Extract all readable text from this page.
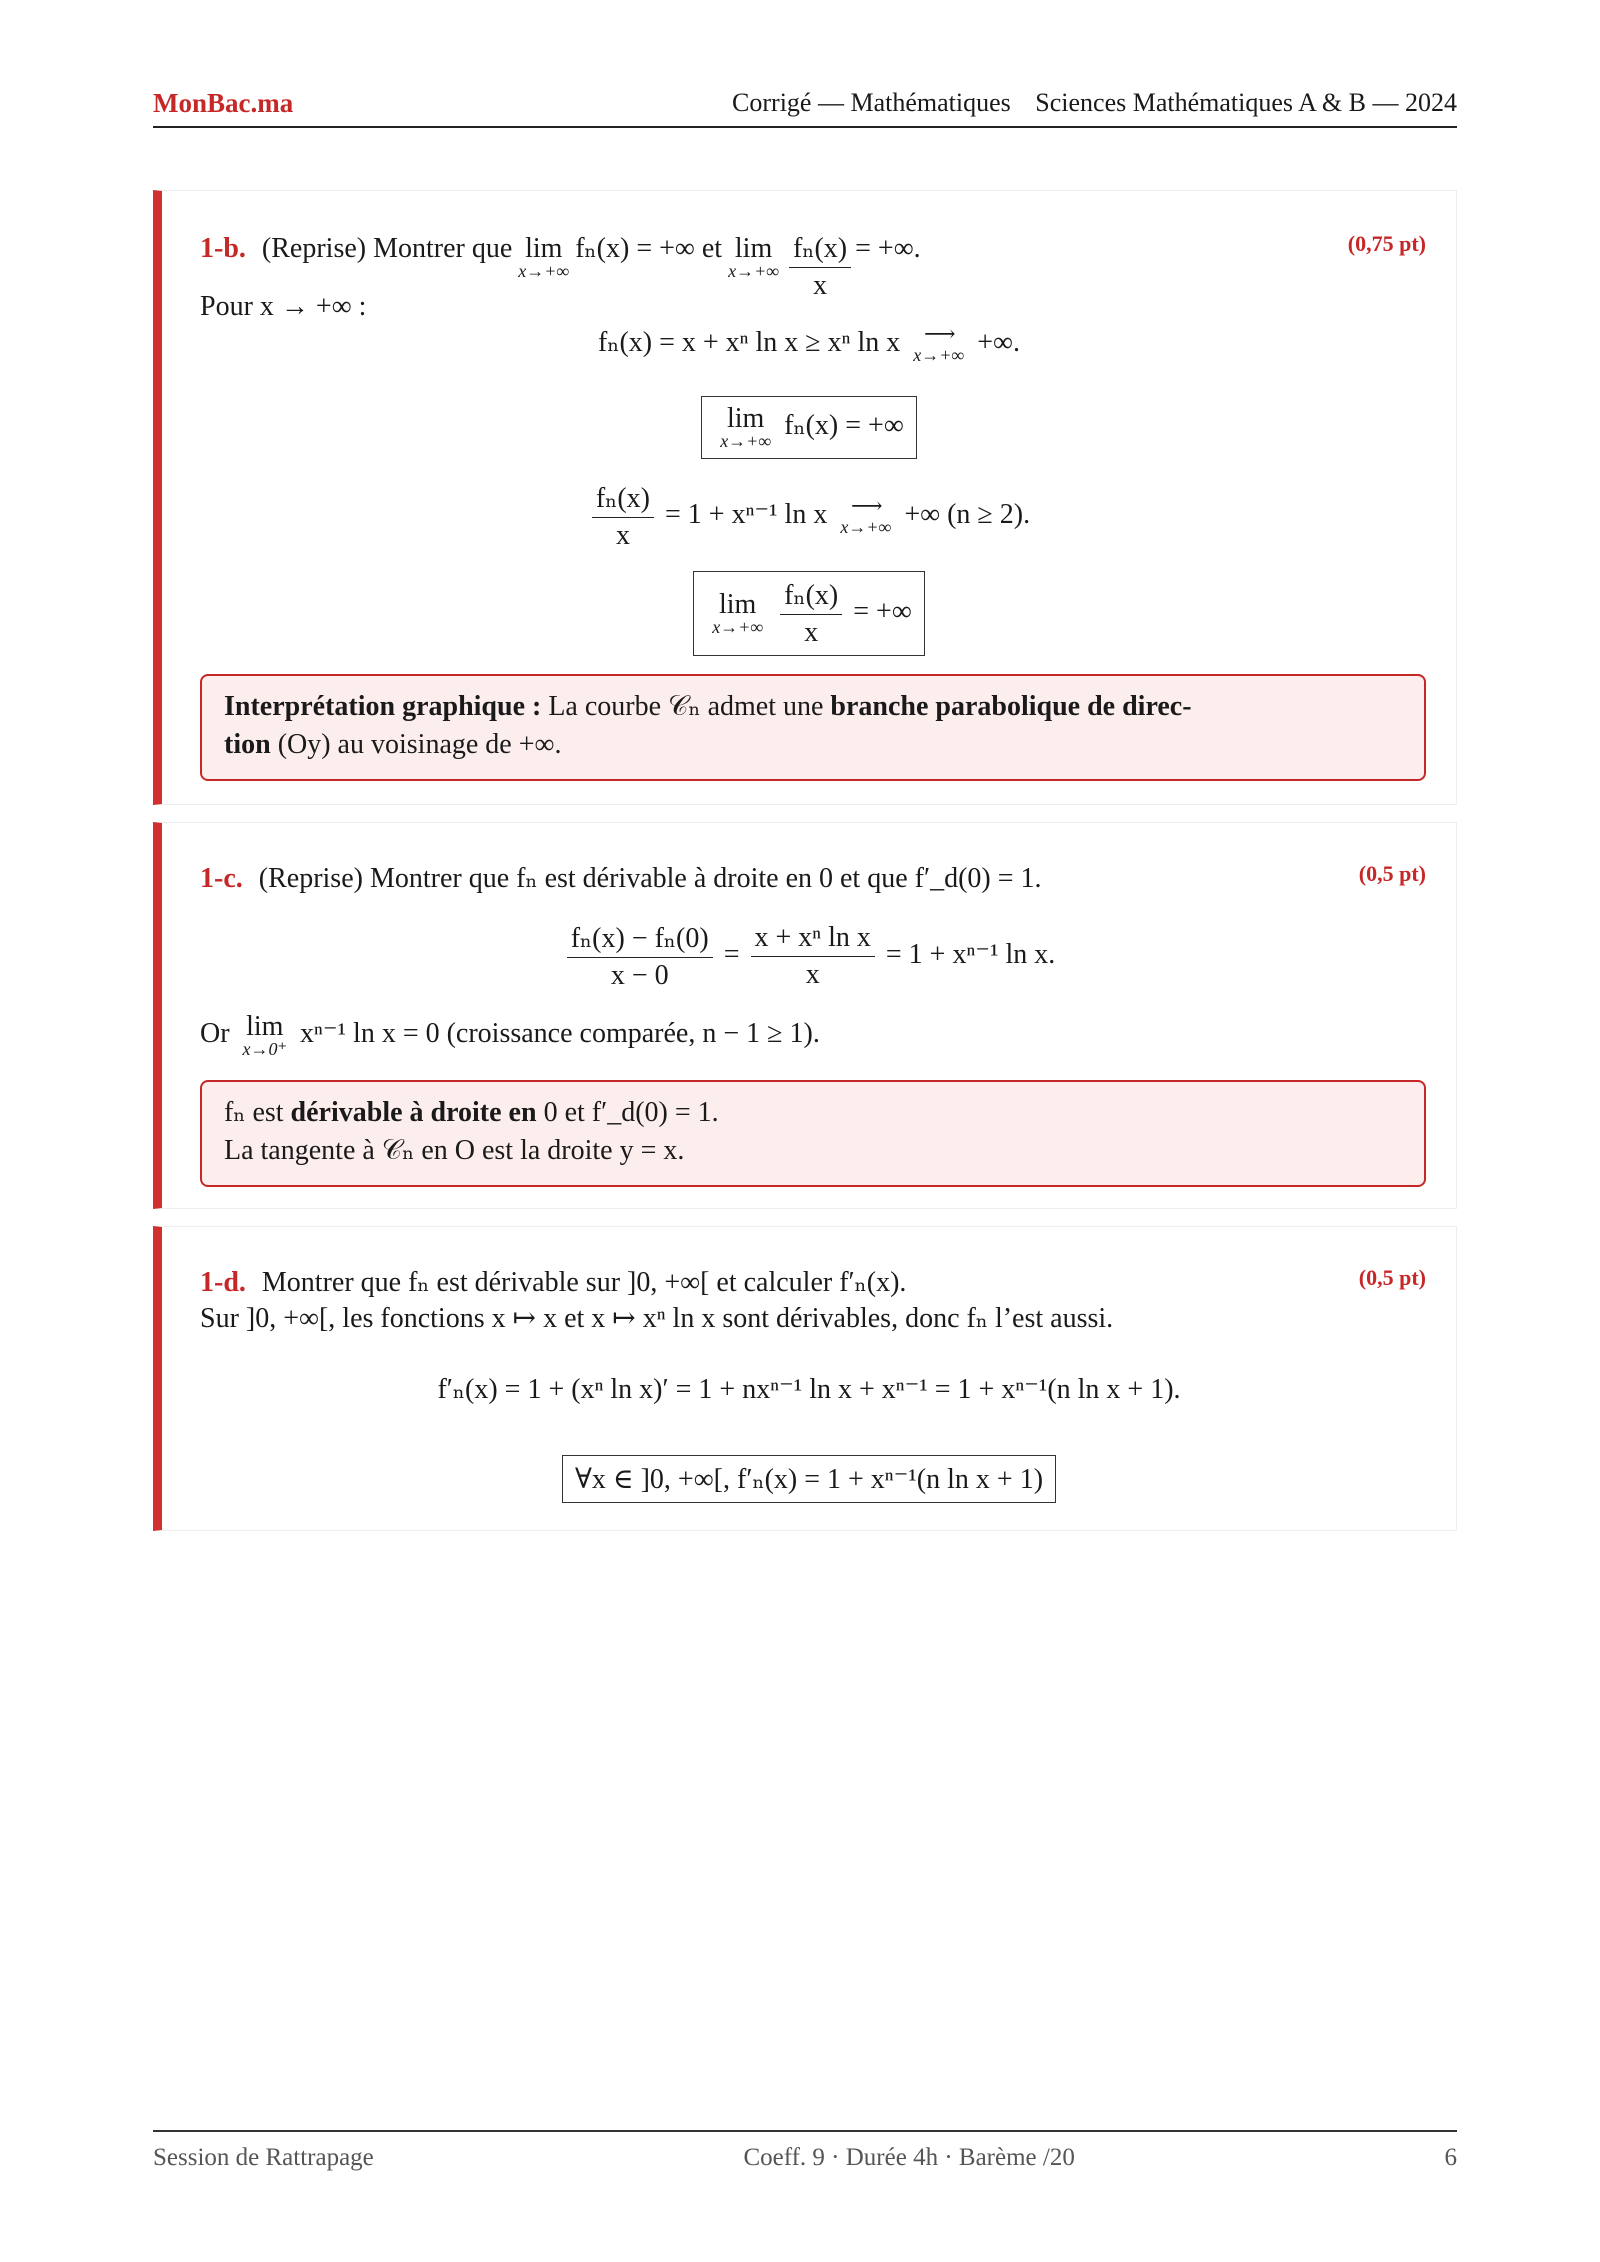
MonBac.ma	Corrigé — Mathématiques Sciences Mathématiques A & B — 2024
1-b. (Reprise) Montrer que lim
x→+∞
fₙ(x) = +∞ et lim
$x\to+\infty \frac{\text{fₙ(x)}}{x}$ = +∞.	(0,75 pt)
Pour x → +∞ :
fₙ(x) = x + xⁿ ln x ≥ xⁿ ln x	⟶
x→+∞ +∞.
lim
x→+∞
fₙ(x) = +∞
$\frac{\text{fₙ(x)}}{x} = 1 + x^{n-1}$ ln x	⟶
x→+∞ +∞ (n ≥ 2).
lim
x→+∞
$\frac{\text{fₙ(x)}}{x}$ = +∞
Interprétation graphique : La courbe 𝒞ₙ admet une branche parabolique de direc-
tion (Oy) au voisinage de +∞.
1-c. (Reprise) Montrer que fₙ est dérivable à droite en 0 et que f′_d(0) = 1.	(0,5 pt)
$\frac{\text{fₙ(x) − fₙ(0)}}{x - 0} = \frac{\text{x + xⁿ ln x}}{x} = 1 + x^{n-1}$ ln x.
Or lim
x→0⁺
xⁿ⁻¹ ln x = 0 (croissance comparée, n − 1 ≥ 1).
fₙ est dérivable à droite en 0 et f′_d(0) = 1.
La tangente à 𝒞ₙ en O est la droite y = x.
1-d. Montrer que fₙ est dérivable sur ]0, +∞[ et calculer f′ₙ(x).	(0,5 pt)
Sur ]0, +∞[, les fonctions x ↦ x et x ↦ xⁿ ln x sont dérivables, donc fₙ l’est aussi.
f′ₙ(x) = 1 + (xⁿ ln x)′ = 1 + nxⁿ⁻¹ ln x + xⁿ⁻¹ = 1 + xⁿ⁻¹(n ln x + 1).
∀x ∈ ]0, +∞[, f′ₙ(x) = 1 + xⁿ⁻¹(n ln x + 1)
Session de Rattrapage	Coeff. 9 · Durée 4h · Barème /20	6
